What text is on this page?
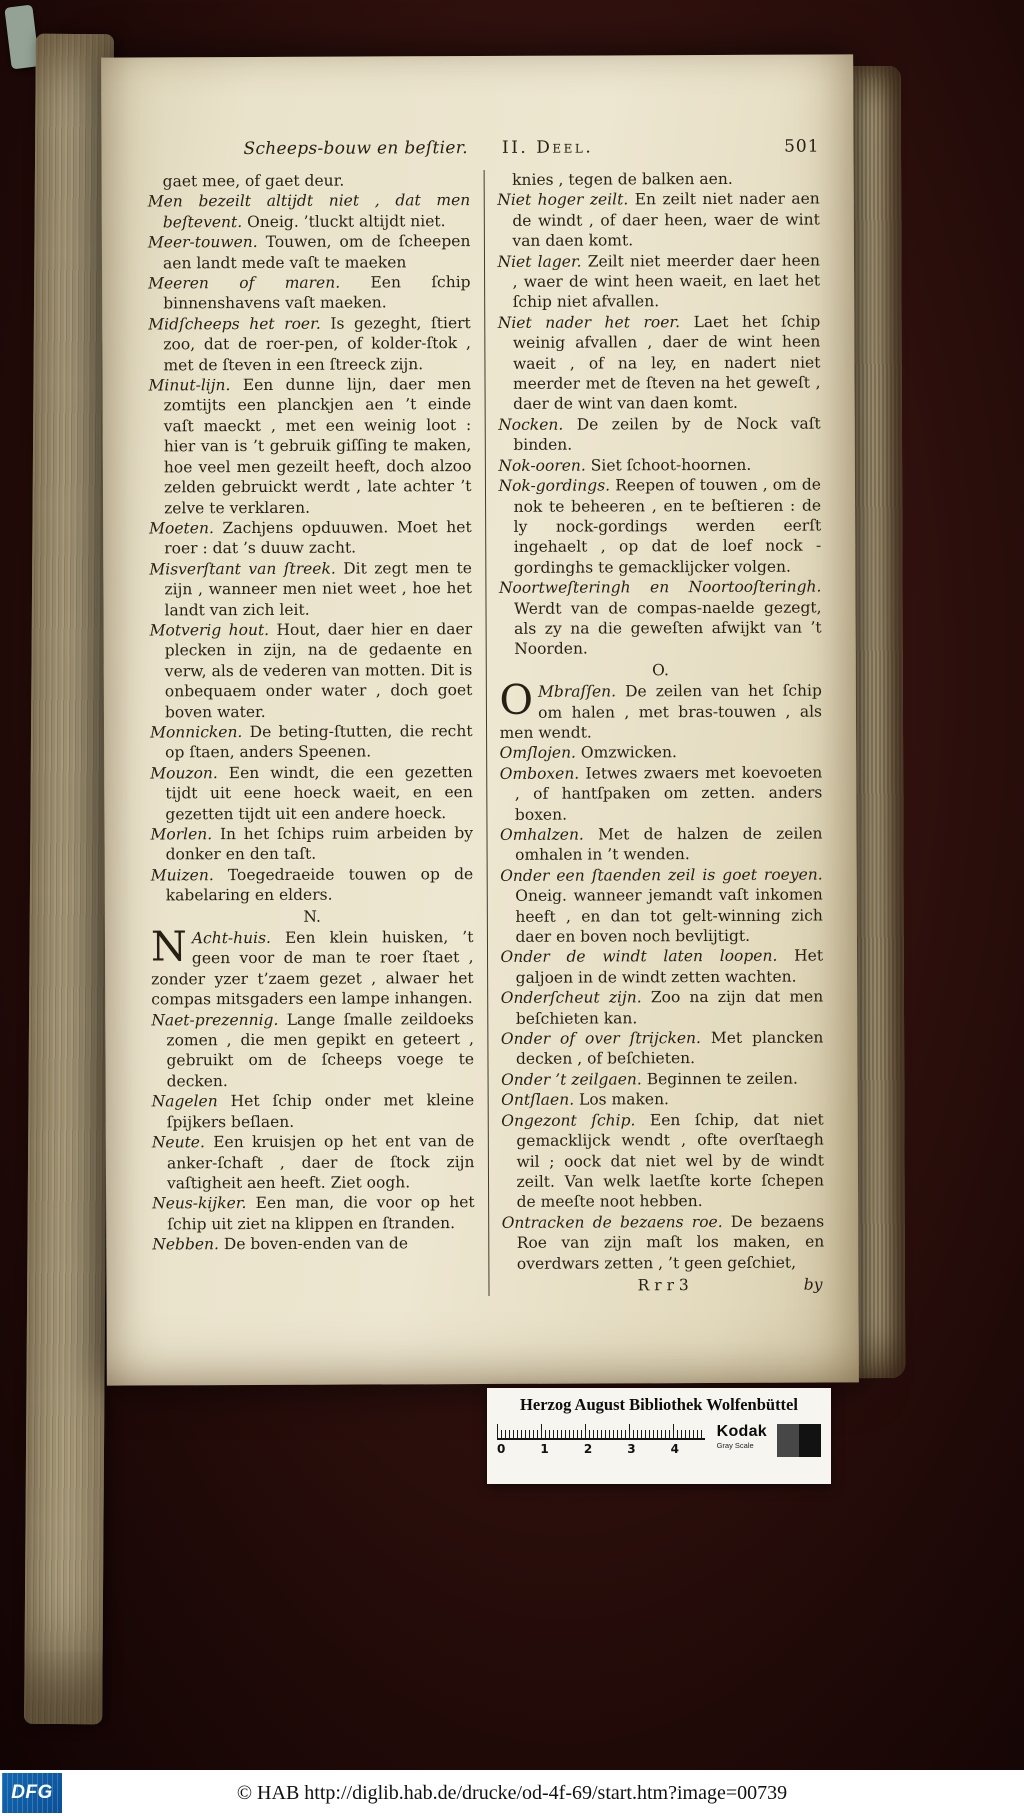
Scheeps-bouw en beſtier. II. Deel.	501
gaet mee, of gaet deur.
Men bezeilt altijdt niet , dat men beſtevent. Oneig. ’tluckt altijdt niet.
Meer-touwen. Touwen, om de ſcheepen aen landt mede vaſt te maeken
Meeren of maren. Een ſchip binnenshavens vaſt maeken.
Midſcheeps het roer. Is gezeght, ſtiert zoo, dat de roer-pen, of kolder-ſtok , met de ſteven in een ſtreeck zijn.
Minut-lijn. Een dunne lijn, daer men zomtijts een planckjen aen ’t einde vaſt maeckt , met een weinig loot : hier van is ’t gebruik giſſing te maken, hoe veel men gezeilt heeft, doch alzoo zelden gebruickt werdt , late achter ’t zelve te verklaren.
Moeten. Zachjens opduuwen. Moet het roer : dat ’s duuw zacht.
Misverſtant van ſtreek. Dit zegt men te zijn , wanneer men niet weet , hoe het landt van zich leit.
Motverig hout. Hout, daer hier en daer plecken in zijn, na de gedaente en verw, als de vederen van motten. Dit is onbequaem onder water , doch goet boven water.
Monnicken. De beting-ſtutten, die recht op ſtaen, anders Speenen.
Mouzon. Een windt, die een gezetten tijdt uit eene hoeck waeit, en een gezetten tijdt uit een andere hoeck.
Morlen. In het ſchips ruim arbeiden by donker en den taſt.
Muizen. Toegedraeide touwen op de kabelaring en elders.
N.
N Acht-huis. Een klein huisken, ’t geen voor de man te roer ſtaet , zonder yzer t’zaem gezet , alwaer het compas mitsgaders een lampe inhangen.
Naet-prezennig. Lange ſmalle zeildoeks zomen , die men gepikt en geteert , gebruikt om de ſcheeps voege te decken.
Nagelen Het ſchip onder met kleine ſpijkers beſlaen.
Neute. Een kruisjen op het ent van de anker-ſchaft , daer de ſtock zijn vaſtigheit aen heeft. Ziet oogh.
Neus-kijker. Een man, die voor op het ſchip uit ziet na klippen en ſtranden.
Nebben. De boven-enden van de
knies , tegen de balken aen.
Niet hoger zeilt. En zeilt niet nader aen de windt , of daer heen, waer de wint van daen komt.
Niet lager. Zeilt niet meerder daer heen , waer de wint heen waeit, en laet het ſchip niet afvallen.
Niet nader het roer. Laet het ſchip weinig afvallen , daer de wint heen waeit , of na ley, en nadert niet meerder met de ſteven na het geweſt , daer de wint van daen komt.
Nocken. De zeilen by de Nock vaſt binden.
Nok-ooren. Siet ſchoot-hoornen.
Nok-gordings. Reepen of touwen , om de nok te beheeren , en te beſtieren : de ly nock-gordings werden eerſt ingehaelt , op dat de loef nock - gordinghs te gemacklijcker volgen.
Noortweſteringh en Noortooſteringh. Werdt van de compas-naelde gezegt, als zy na die geweſten afwijkt van ’t Noorden.
O.
O Mbraſſen. De zeilen van het ſchip om halen , met bras-touwen , als men wendt.
Omſlojen. Omzwicken.
Omboxen. Ietwes zwaers met koevoeten , of hantſpaken om zetten. anders boxen.
Omhalzen. Met de halzen de zeilen omhalen in ’t wenden.
Onder een ſtaenden zeil is goet roeyen. Oneig. wanneer jemandt vaſt inkomen heeft , en dan tot gelt-winning zich daer en boven noch bevlijtigt.
Onder de windt laten loopen. Het galjoen in de windt zetten wachten.
Onderſcheut zijn. Zoo na zijn dat men beſchieten kan.
Onder of over ſtrijcken. Met plancken decken , of beſchieten.
Onder ’t zeilgaen. Beginnen te zeilen.
Ontſlaen. Los maken.
Ongezont ſchip. Een ſchip, dat niet gemacklijck wendt , ofte overſtaegh wil ; oock dat niet wel by de windt zeilt. Van welk laetſte korte ſchepen de meeſte noot hebben.
Ontracken de bezaens roe. De bezaens Roe van zijn maſt los maken, en overdwars zetten , ’t geen geſchiet,
R r r 3	by
Herzog August Bibliothek Wolfenbüttel
0	1	2	3	4
Kodak
Gray Scale
DFG	© HAB http://diglib.hab.de/drucke/od-4f-69/start.htm?image=00739
